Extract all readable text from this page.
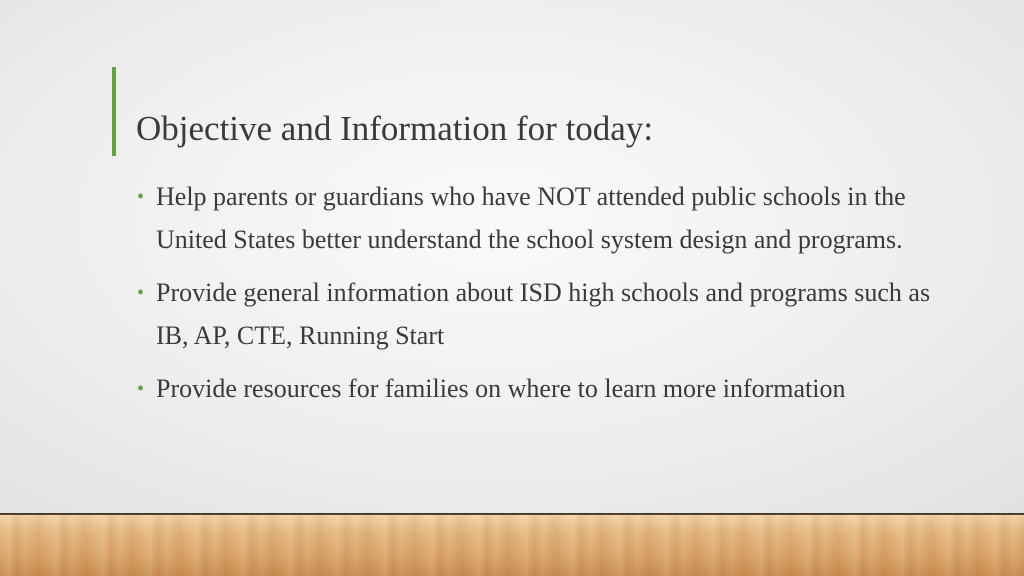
Objective and Information for today:
• Help parents or guardians who have NOT attended public schools in the United States better understand the school system design and programs.
• Provide general information about ISD high schools and programs such as IB, AP, CTE, Running Start
• Provide resources for families on where to learn more information
